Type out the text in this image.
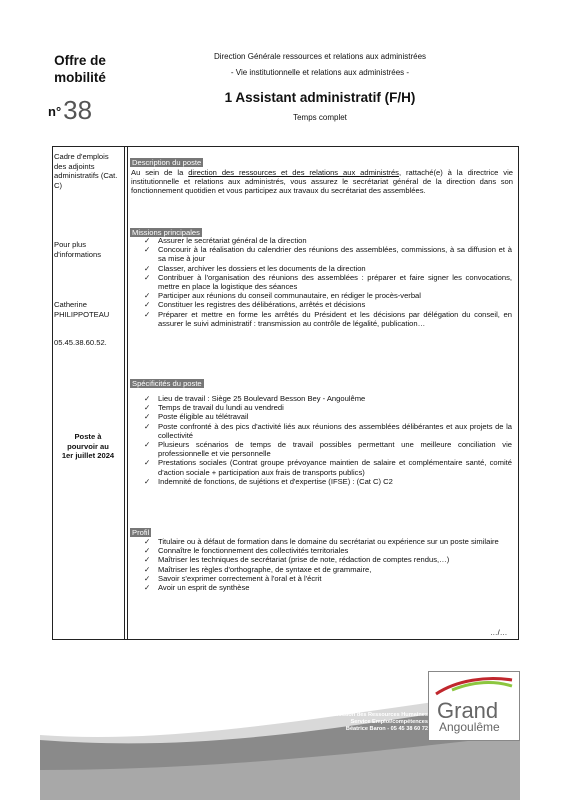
Offre de
mobilité
n°38
Direction Générale ressources et relations aux administrées
- Vie institutionnelle et relations aux administrées -
1 Assistant administratif (F/H)
Temps complet
Cadre d'emplois des adjoints administratifs (Cat. C)
Pour plus d'informations
Catherine
PHILIPPOTEAU
05.45.38.60.52.
Poste à
pourvoir au
1er juillet 2024
Description du poste
Au sein de la direction des ressources et des relations aux administrés, rattaché(e) à la directrice vie institutionnelle et relations aux administrés, vous assurez le secrétariat général de la direction dans son fonctionnement quotidien et vous participez aux travaux du secrétariat des assemblées.
Missions principales
✓ Assurer le secrétariat général de la direction
✓ Concourir à la réalisation du calendrier des réunions des assemblées, commissions, à sa diffusion et à sa mise à jour
✓ Classer, archiver les dossiers et les documents de la direction
✓ Contribuer à l'organisation des réunions des assemblées : préparer et faire signer les convocations, mettre en place la logistique des séances
✓ Participer aux réunions du conseil communautaire, en rédiger le procès-verbal
✓ Constituer les registres des délibérations, arrêtés et décisions
✓ Préparer et mettre en forme les arrêtés du Président et les décisions par délégation du conseil, en assurer le suivi administratif : transmission au contrôle de légalité, publication…
Spécificités du poste
✓ Lieu de travail : Siège 25 Boulevard Besson Bey - Angoulême
✓ Temps de travail du lundi au vendredi
✓ Poste éligible au télétravail
✓ Poste confronté à des pics d'activité liés aux réunions des assemblées délibérantes et aux projets de la collectivité
✓ Plusieurs scénarios de temps de travail possibles permettant une meilleure conciliation vie professionnelle et vie personnelle
✓ Prestations sociales (Contrat groupe prévoyance maintien de salaire et complémentaire santé, comité d'action sociale + participation aux frais de transports publics)
✓ Indemnité de fonctions, de sujétions et d'expertise (IFSE) : (Cat C) C2
Profil
✓ Titulaire ou à défaut de formation dans le domaine du secrétariat ou expérience sur un poste similaire
✓ Connaître le fonctionnement des collectivités territoriales
✓ Maîtriser les techniques de secrétariat (prise de note, rédaction de comptes rendus,…)
✓ Maîtriser les règles d'orthographe, de syntaxe et de grammaire,
✓ Savoir s'exprimer correctement à l'oral et à l'écrit
✓ Avoir un esprit de synthèse
…/…
Direction des Ressources Humaines
Service Emploi/compétences
Béatrice Baron - 05 45 38 60 72
Grand
Angoulême
